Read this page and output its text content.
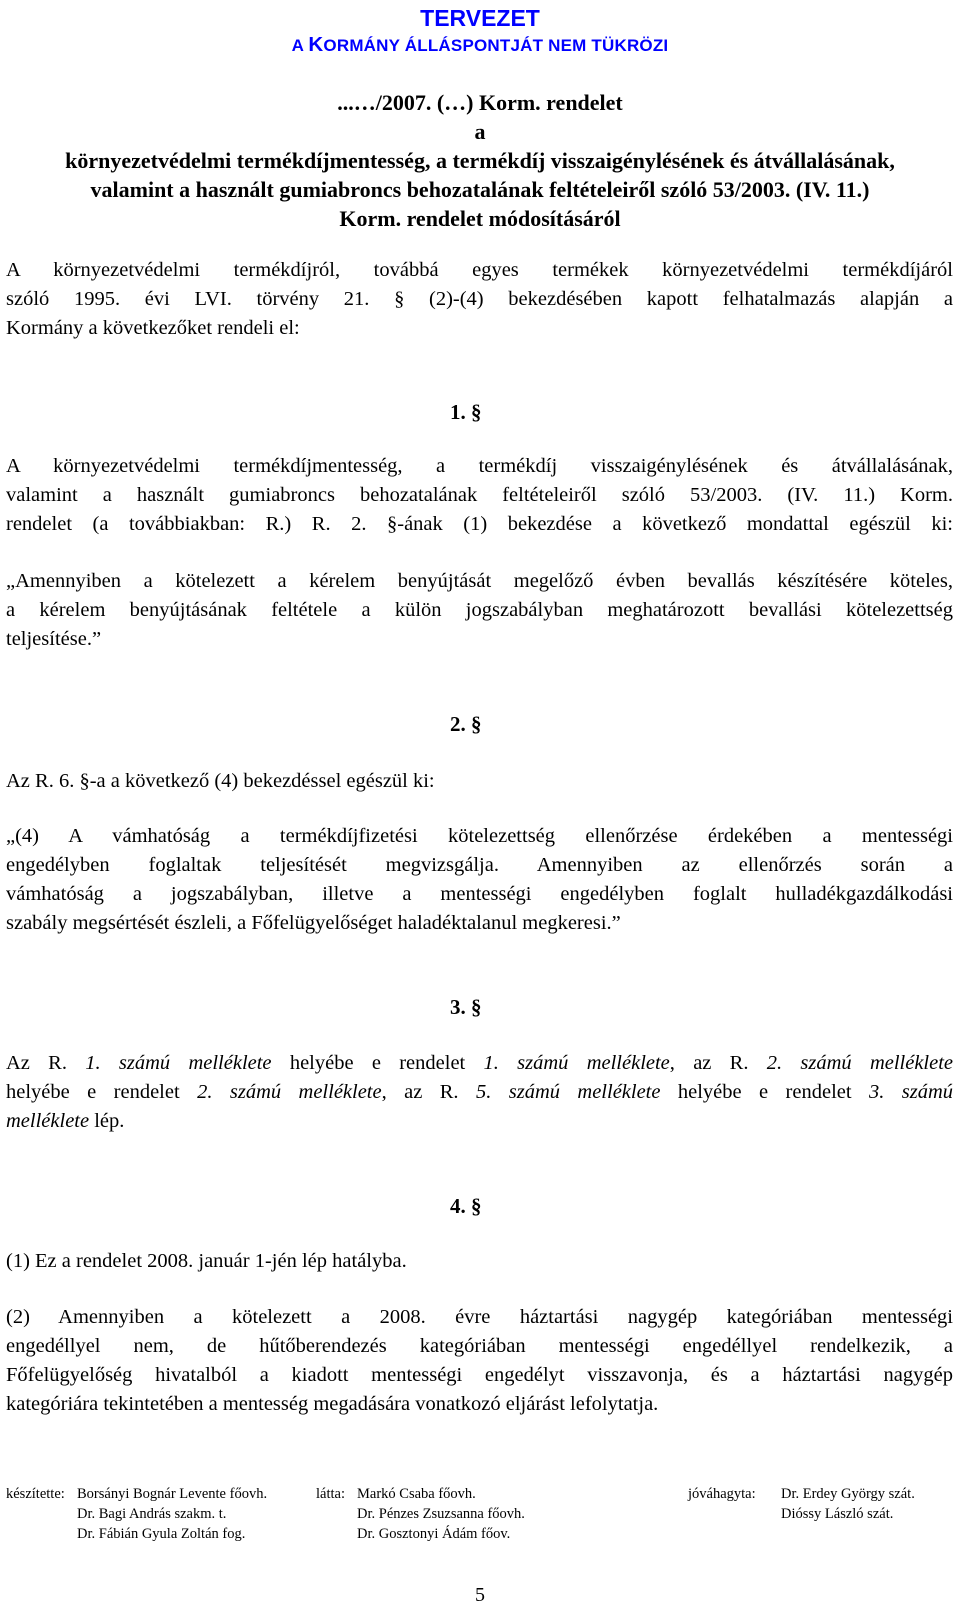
TERVEZET
A KORMÁNY ÁLLÁSPONTJÁT NEM TÜKRÖZI
...…/2007. (…) Korm. rendelet
a
környezetvédelmi termékdíjmentesség, a termékdíj visszaigénylésének és átvállalásának,
valamint a használt gumiabroncs behozatalának feltételeiről szóló 53/2003. (IV. 11.)
Korm. rendelet módosításáról
A környezetvédelmi termékdíjról, továbbá egyes termékek környezetvédelmi termékdíjáról
szóló 1995. évi LVI. törvény 21. § (2)-(4) bekezdésében kapott felhatalmazás alapján a
Kormány a következőket rendeli el:
1. §
A környezetvédelmi termékdíjmentesség, a termékdíj visszaigénylésének és átvállalásának,
valamint a használt gumiabroncs behozatalának feltételeiről szóló 53/2003. (IV. 11.) Korm.
rendelet (a továbbiakban: R.) R. 2. §-ának (1) bekezdése a következő mondattal egészül ki:
„Amennyiben a kötelezett a kérelem benyújtását megelőző évben bevallás készítésére köteles,
a kérelem benyújtásának feltétele a külön jogszabályban meghatározott bevallási kötelezettség
teljesítése.”
2. §
Az R. 6. §-a a következő (4) bekezdéssel egészül ki:
„(4) A vámhatóság a termékdíjfizetési kötelezettség ellenőrzése érdekében a mentességi
engedélyben foglaltak teljesítését megvizsgálja. Amennyiben az ellenőrzés során a
vámhatóság a jogszabályban, illetve a mentességi engedélyben foglalt hulladékgazdálkodási
szabály megsértését észleli, a Főfelügyelőséget haladéktalanul megkeresi.”
3. §
Az R. 1. számú melléklete helyébe e rendelet 1. számú melléklete, az R. 2. számú melléklete
helyébe e rendelet 2. számú melléklete, az R. 5. számú melléklete helyébe e rendelet 3. számú
melléklete lép.
4. §
(1) Ez a rendelet 2008. január 1-jén lép hatályba.
(2) Amennyiben a kötelezett a 2008. évre háztartási nagygép kategóriában mentességi
engedéllyel nem, de hűtőberendezés kategóriában mentességi engedéllyel rendelkezik, a
Főfelügyelőség hivatalból a kiadott mentességi engedélyt visszavonja, és a háztartási nagygép
kategóriára tekintetében a mentesség megadására vonatkozó eljárást lefolytatja.
készítette: Borsányi Bognár Levente főovh.
Dr. Bagi András szakm. t.
Dr. Fábián Gyula Zoltán fog.
látta: Markó Csaba főovh.
Dr. Pénzes Zsuzsanna főovh.
Dr. Gosztonyi Ádám főov.
jóváhagyta: Dr. Erdey György szát.
Dióssy László szát.
5
